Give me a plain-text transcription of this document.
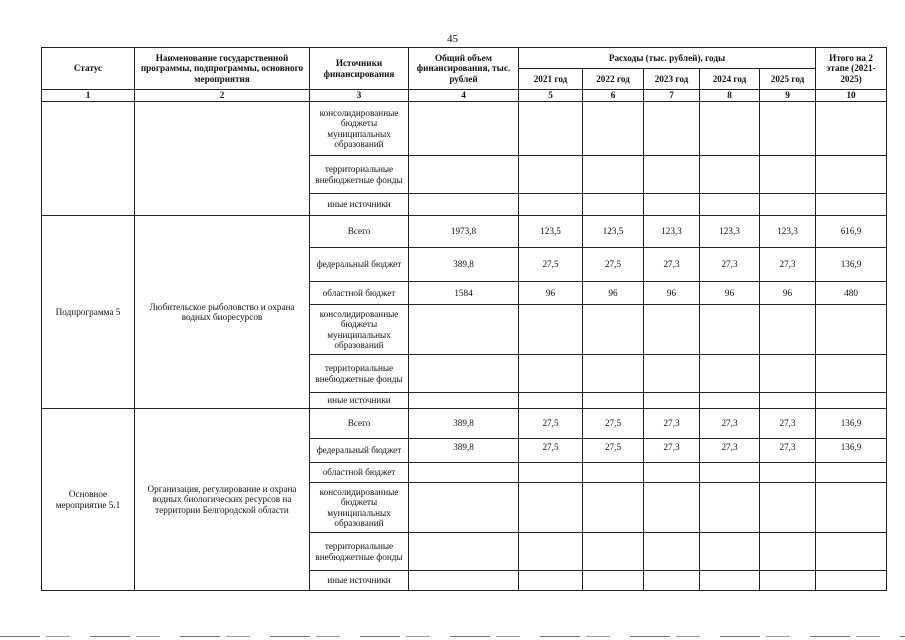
45
Статус	Наименование государственной программы, подпрограммы, основного мероприятия	Источники финансирования	Общий объем финансирования, тыс. рублей	Расходы (тыс. рублей), годы					Итого на 2 этапе (2021-2025)
				2021 год	2022 год	2023 год	2024 год	2025 год	
1	2	3	4	5	6	7	8	9	10
		консолидированные бюджеты муниципальных образований							
		территориальные внебюджетные фонды							
		иные источники							
Подпрограмма 5	Любительское рыболовство и охрана водных биоресурсов	Всего	1973,8	123,5	123,5	123,3	123,3	123,3	616,9
		федеральный бюджет	389,8	27,5	27,5	27,3	27,3	27,3	136,9
		областной бюджет	1584	96	96	96	96	96	480
		консолидированные бюджеты муниципальных образований							
		территориальные внебюджетные фонды							
		иные источники							
Основное мероприятие 5.1	Организация, регулирование и охрана водных биологических ресурсов на территории Белгородской области	Всего	389,8	27,5	27,5	27,3	27,3	27,3	136,9
		федеральный бюджет	389,8	27,5	27,5	27,3	27,3	27,3	136,9
		областной бюджет							
		консолидированные бюджеты муниципальных образований							
		территориальные внебюджетные фонды							
		иные источники							
